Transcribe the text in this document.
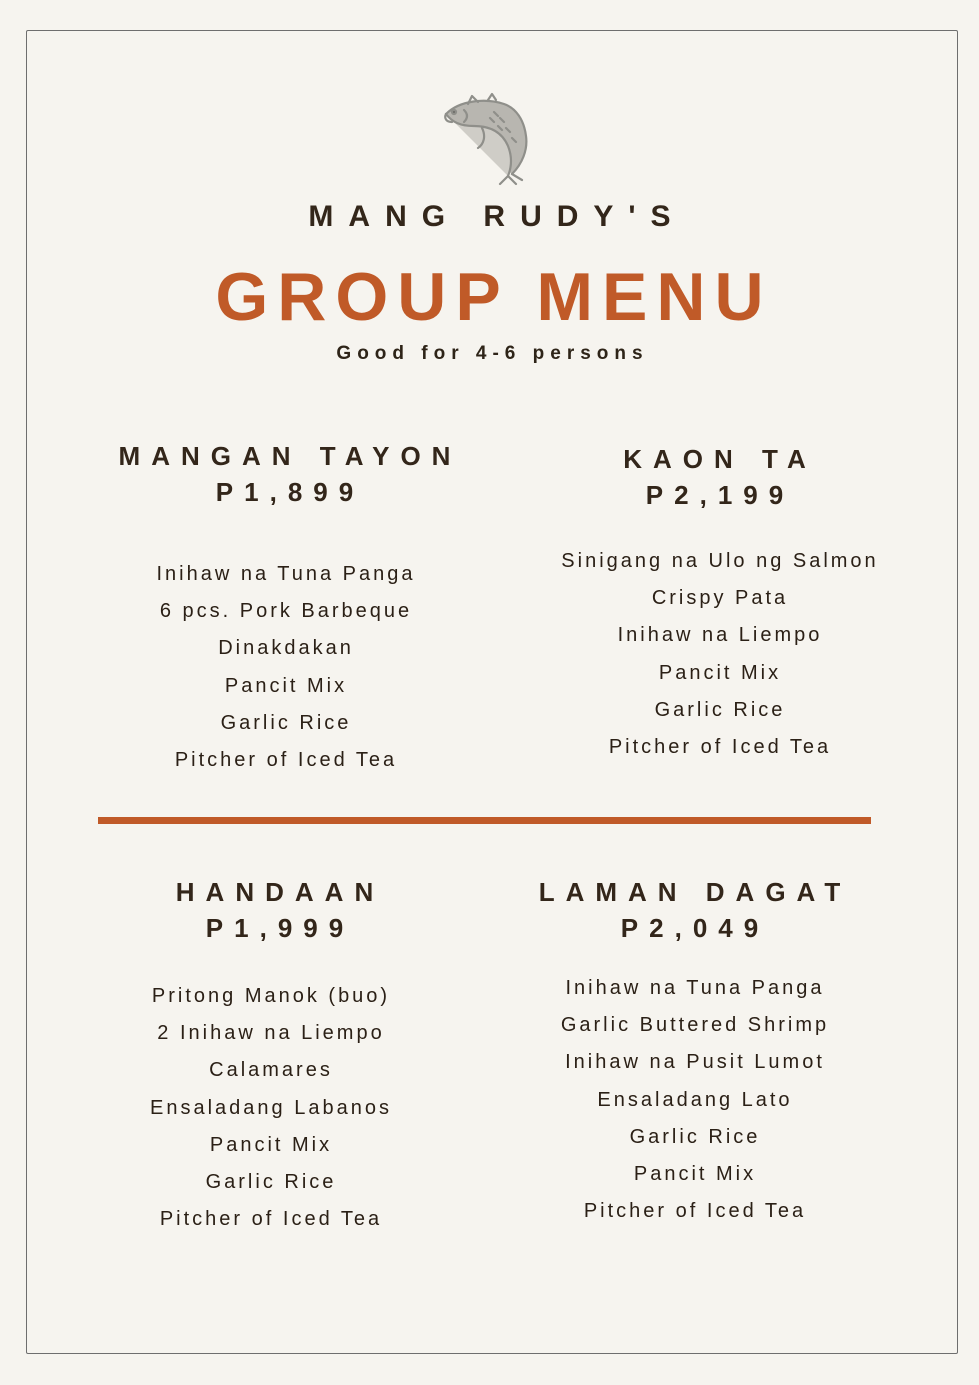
MANG RUDY'S
GROUP MENU
Good for 4-6 persons
MANGAN TAYON
P1,899
Inihaw na Tuna Panga
6 pcs. Pork Barbeque
Dinakdakan
Pancit Mix
Garlic Rice
Pitcher of Iced Tea
KAON TA
P2,199
Sinigang na Ulo ng Salmon
Crispy Pata
Inihaw na Liempo
Pancit Mix
Garlic Rice
Pitcher of Iced Tea
HANDAAN
P1,999
Pritong Manok (buo)
2 Inihaw na Liempo
Calamares
Ensaladang Labanos
Pancit Mix
Garlic Rice
Pitcher of Iced Tea
LAMAN DAGAT
P2,049
Inihaw na Tuna Panga
Garlic Buttered Shrimp
Inihaw na Pusit Lumot
Ensaladang Lato
Garlic Rice
Pancit Mix
Pitcher of Iced Tea
